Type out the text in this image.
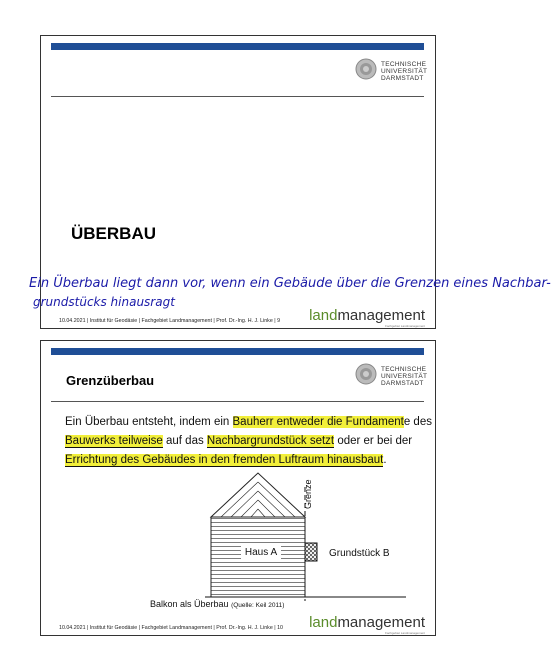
TECHNISCHE
UNIVERSITÄT
DARMSTADT
ÜBERBAU
Ein Überbau liegt dann vor, wenn ein Gebäude über die Grenzen eines Nachbar-
grundstücks hinausragt
10.04.2021 | Institut für Geodäsie | Fachgebiet Landmanagement | Prof. Dr.-Ing. H. J. Linke | 9 landmanagement
Fachgebiet Landmanagement
TECHNISCHE
UNIVERSITÄT
DARMSTADT
Grenzüberbau
Ein Überbau entsteht, indem ein Bauherr entweder die Fundamente des
Bauwerks teilweise auf das Nachbargrundstück setzt oder er bei der
Errichtung des Gebäudes in den fremden Luftraum hinausbaut.
Haus A
Grenze
Grundstück B
Balkon als Überbau (Quelle: Keil 2011)
10.04.2021 | Institut für Geodäsie | Fachgebiet Landmanagement | Prof. Dr.-Ing. H. J. Linke | 10 landmanagement
Fachgebiet Landmanagement
